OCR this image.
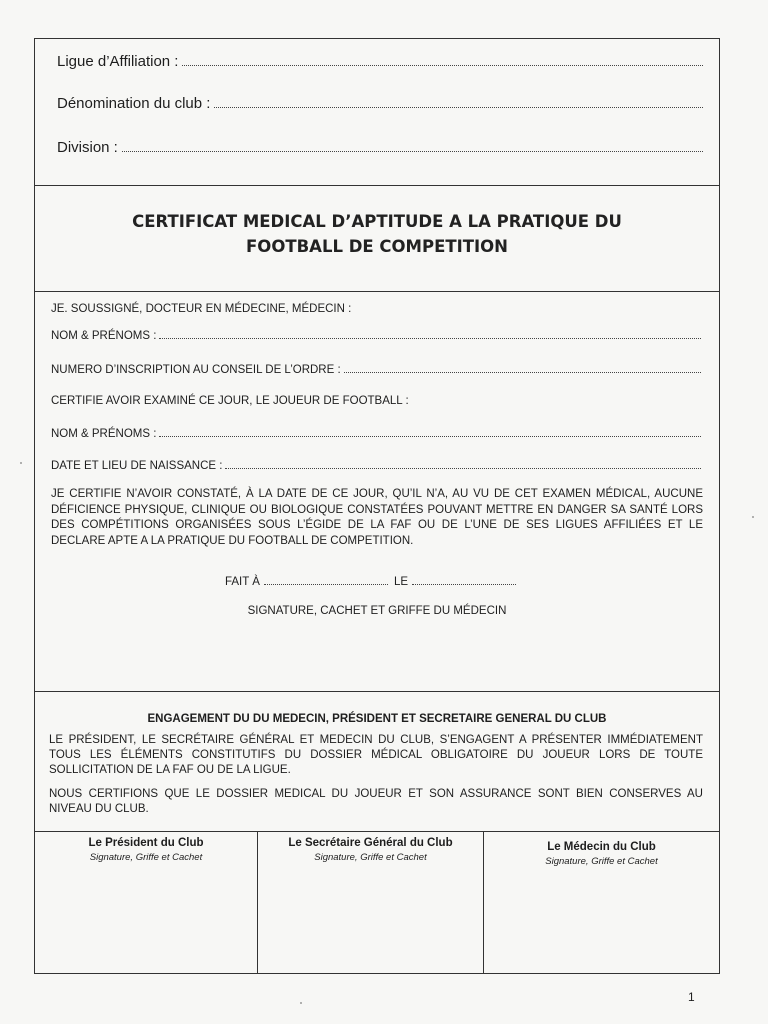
Ligue d’Affiliation :
Dénomination du club :
Division :
CERTIFICAT MEDICAL D’APTITUDE A LA PRATIQUE DU
FOOTBALL DE COMPETITION
JE. SOUSSIGNÉ, DOCTEUR EN MÉDECINE, MÉDECIN :
NOM & PRÉNOMS :
NUMERO D’INSCRIPTION AU CONSEIL DE L’ORDRE :
CERTIFIE AVOIR EXAMINÉ CE JOUR, LE JOUEUR DE FOOTBALL :
NOM & PRÉNOMS :
DATE ET LIEU DE NAISSANCE :
JE CERTIFIE N’AVOIR CONSTATÉ, À LA DATE DE CE JOUR, QU’IL N’A, AU VU DE CET EXAMEN MÉDICAL, AUCUNE DÉFICIENCE PHYSIQUE, CLINIQUE OU BIOLOGIQUE CONSTATÉES POUVANT METTRE EN DANGER SA SANTÉ LORS DES COMPÉTITIONS ORGANISÉES SOUS L’ÉGIDE DE LA FAF OU DE L’UNE DE SES LIGUES AFFILIÉES ET LE DECLARE APTE A LA PRATIQUE DU FOOTBALL DE COMPETITION.
FAIT À	LE
SIGNATURE, CACHET ET GRIFFE DU MÉDECIN
ENGAGEMENT DU DU MEDECIN, PRÉSIDENT ET SECRETAIRE GENERAL DU CLUB
LE PRÉSIDENT, LE SECRÉTAIRE GÉNÉRAL ET MEDECIN DU CLUB, S’ENGAGENT A PRÉSENTER IMMÉDIATEMENT TOUS LES ÉLÉMENTS CONSTITUTIFS DU DOSSIER MÉDICAL OBLIGATOIRE DU JOUEUR LORS DE TOUTE SOLLICITATION DE LA FAF OU DE LA LIGUE.
NOUS CERTIFIONS QUE LE DOSSIER MEDICAL DU JOUEUR ET SON ASSURANCE SONT BIEN CONSERVES AU NIVEAU DU CLUB.
Le Président du Club
Signature, Griffe et Cachet
Le Secrétaire Général du Club
Signature, Griffe et Cachet
Le Médecin du Club
Signature, Griffe et Cachet
1
